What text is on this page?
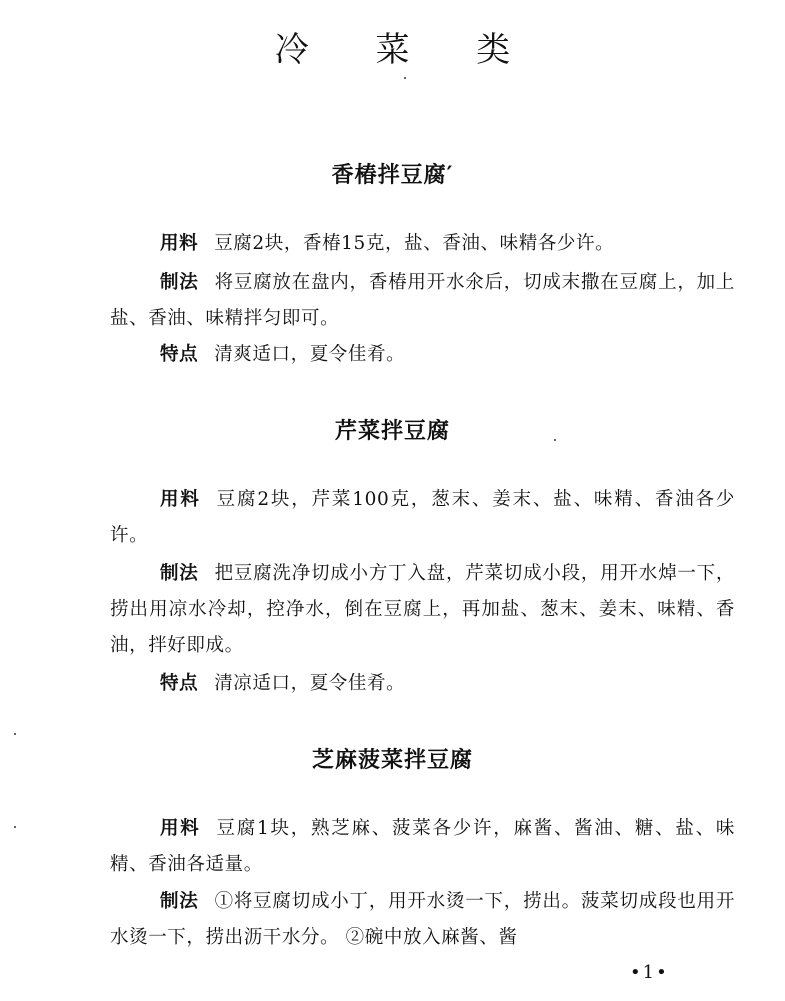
冷 菜 类
香椿拌豆腐′
用料 豆腐2块，香椿15克，盐、香油、味精各少许。
制法 将豆腐放在盘内，香椿用开水氽后，切成末撒在豆腐上，加上盐、香油、味精拌匀即可。
特点 清爽适口，夏令佳肴。
芹菜拌豆腐
用料 豆腐2块，芹菜100克，葱末、姜末、盐、味精、香油各少许。
制法 把豆腐洗净切成小方丁入盘，芹菜切成小段，用开水焯一下，捞出用凉水冷却，控净水，倒在豆腐上，再加盐、葱末、姜末、味精、香油，拌好即成。
特点 清凉适口，夏令佳肴。
芝麻菠菜拌豆腐
用料 豆腐1块，熟芝麻、菠菜各少许，麻酱、酱油、糖、盐、味精、香油各适量。
制法 ①将豆腐切成小丁，用开水烫一下，捞出。菠菜切成段也用开水烫一下，捞出沥干水分。 ②碗中放入麻酱、酱
•1•
